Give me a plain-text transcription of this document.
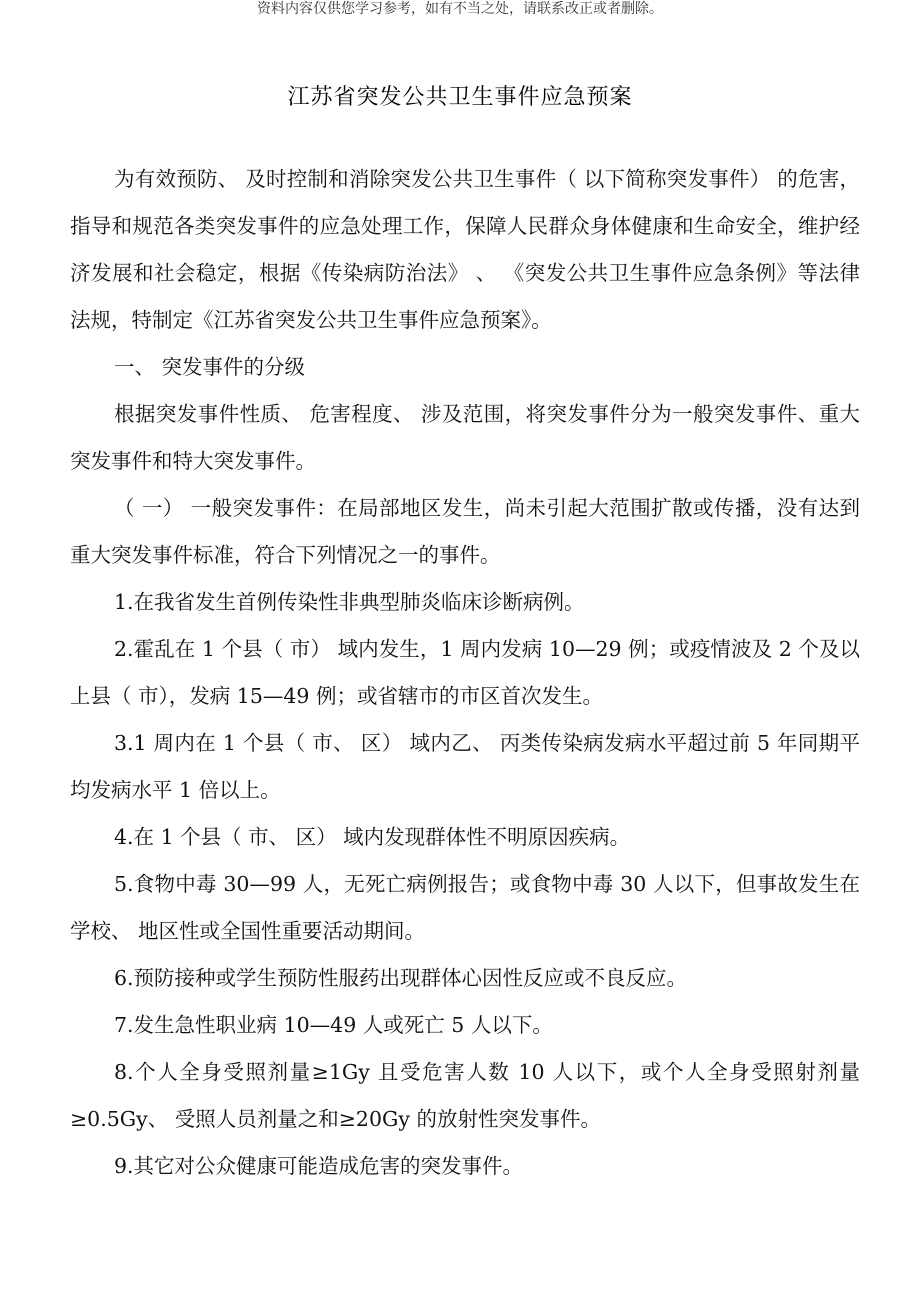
资料内容仅供您学习参考，如有不当之处，请联系改正或者删除。
江苏省突发公共卫生事件应急预案

为有效预防、 及时控制和消除突发公共卫生事件（ 以下简称突发事件） 的危害，指导和规范各类突发事件的应急处理工作，保障人民群众身体健康和生命安全，维护经济发展和社会稳定，根据《传染病防治法》 、 《突发公共卫生事件应急条例》等法律法规，特制定《江苏省突发公共卫生事件应急预案》。

一、 突发事件的分级

根据突发事件性质、 危害程度、 涉及范围，将突发事件分为一般突发事件、重大突发事件和特大突发事件。

（ 一） 一般突发事件：在局部地区发生，尚未引起大范围扩散或传播，没有达到重大突发事件标准，符合下列情况之一的事件。

1.在我省发生首例传染性非典型肺炎临床诊断病例。

2.霍乱在 1 个县（ 市） 域内发生，1 周内发病 10—29 例；或疫情波及 2 个及以上县（ 市），发病 15—49 例；或省辖市的市区首次发生。

3.1 周内在 1 个县（ 市、 区） 域内乙、 丙类传染病发病水平超过前 5 年同期平均发病水平 1 倍以上。

4.在 1 个县（ 市、 区） 域内发现群体性不明原因疾病。

5.食物中毒 30—99 人，无死亡病例报告；或食物中毒 30 人以下，但事故发生在学校、 地区性或全国性重要活动期间。

6.预防接种或学生预防性服药出现群体心因性反应或不良反应。

7.发生急性职业病 10—49 人或死亡 5 人以下。

8.个人全身受照剂量≥1Gy 且受危害人数 10 人以下，或个人全身受照射剂量≥0.5Gy、 受照人员剂量之和≥20Gy 的放射性突发事件。

9.其它对公众健康可能造成危害的突发事件。
